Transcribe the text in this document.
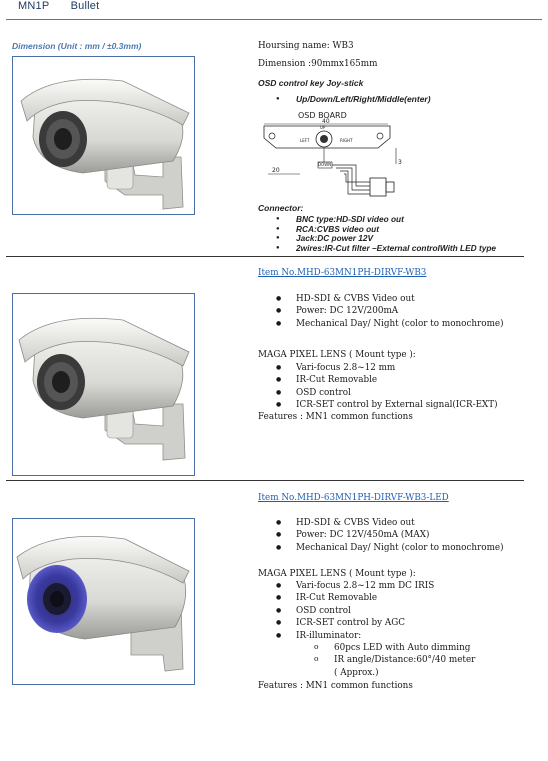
MN1P Bullet
Dimension (Unit : mm / ±0.3mm)	Hoursing name: WB3
Dimension :90mmx165mm
OSD control key Joy-stick
● Up/Down/Left/Right/Middle(enter)
OSD BOARD
40
UP
LEFT	RIGHT
DOWN
20
3
Connector:
● BNC type:HD-SDI video out
● RCA:CVBS video out
● Jack:DC power 12V
● 2wires:IR-Cut filter –External controlWith LED type
Item No.MHD-63MN1PH-DIRVF-WB3
● HD-SDI & CVBS Video out
● Power: DC 12V/200mA
● Mechanical Day/ Night (color to monochrome)
MAGA PIXEL LENS ( Mount type ):
● Vari-focus 2.8~12 mm
● IR-Cut Removable
● OSD control
● ICR-SET control by External signal(ICR-EXT)
Features : MN1 common functions
Item No.MHD-63MN1PH-DIRVF-WB3-LED
● HD-SDI & CVBS Video out
● Power: DC 12V/450mA (MAX)
● Mechanical Day/ Night (color to monochrome)
MAGA PIXEL LENS ( Mount type ):
● Vari-focus 2.8~12 mm DC IRIS
● IR-Cut Removable
● OSD control
● ICR-SET control by AGC
● IR-illuminator:
o 60pcs LED with Auto dimming
o IR angle/Distance:60°/40 meter
( Approx.)
Features : MN1 common functions
